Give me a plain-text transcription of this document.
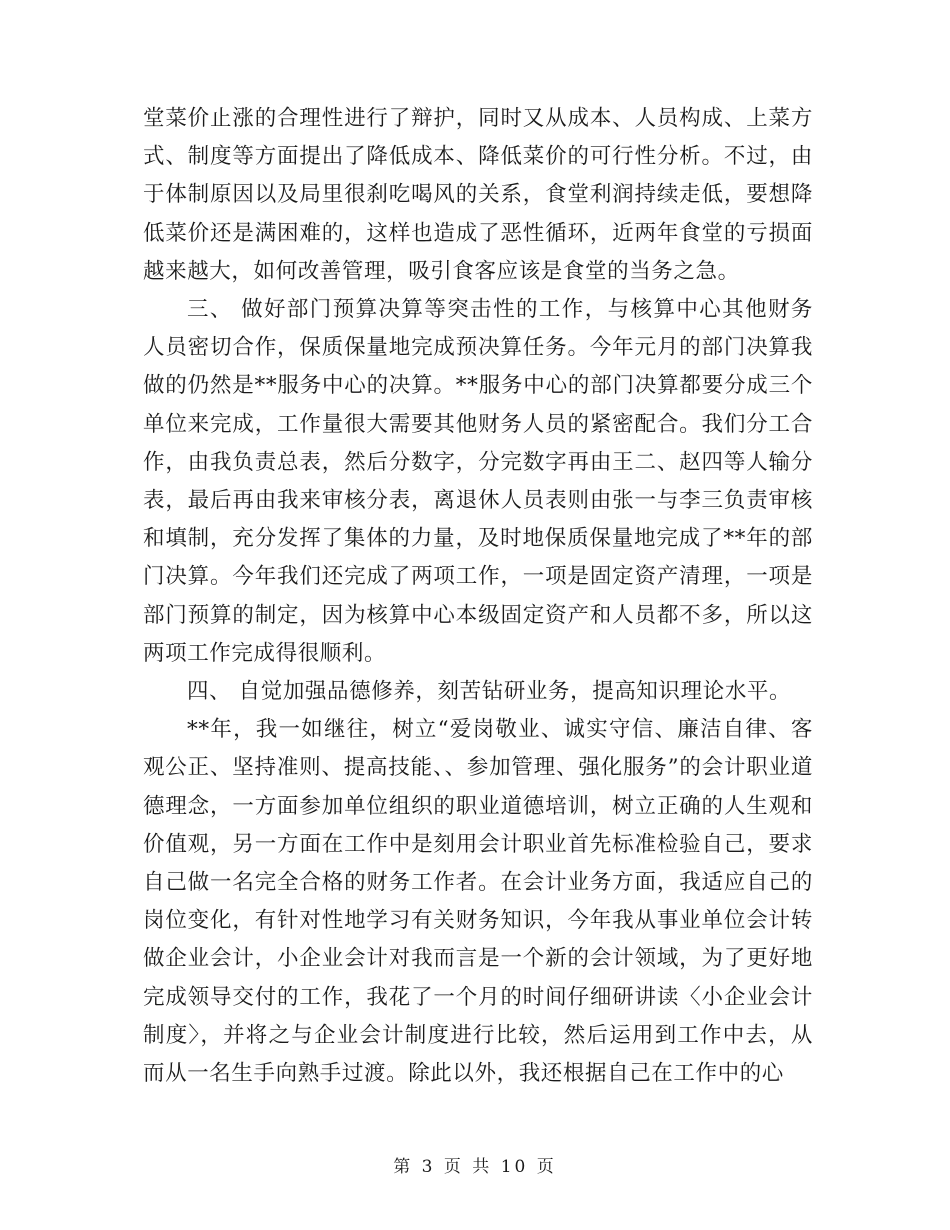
堂菜价止涨的合理性进行了辩护，同时又从成本、人员构成、上菜方式、制度等方面提出了降低成本、降低菜价的可行性分析。不过，由于体制原因以及局里很刹吃喝风的关系，食堂利润持续走低，要想降低菜价还是满困难的，这样也造成了恶性循环，近两年食堂的亏损面越来越大，如何改善管理，吸引食客应该是食堂的当务之急。

三、 做好部门预算决算等突击性的工作，与核算中心其他财务人员密切合作，保质保量地完成预决算任务。今年元月的部门决算我做的仍然是**服务中心的决算。**服务中心的部门决算都要分成三个单位来完成，工作量很大需要其他财务人员的紧密配合。我们分工合作，由我负责总表，然后分数字，分完数字再由王二、赵四等人输分表，最后再由我来审核分表，离退休人员表则由张一与李三负责审核和填制，充分发挥了集体的力量，及时地保质保量地完成了**年的部门决算。今年我们还完成了两项工作，一项是固定资产清理，一项是部门预算的制定，因为核算中心本级固定资产和人员都不多，所以这两项工作完成得很顺利。

四、 自觉加强品德修养，刻苦钻研业务，提高知识理论水平。

**年，我一如继往，树立“爱岗敬业、诚实守信、廉洁自律、客观公正、坚持准则、提高技能、、参加管理、强化服务”的会计职业道德理念，一方面参加单位组织的职业道德培训，树立正确的人生观和价值观，另一方面在工作中是刻用会计职业首先标准检验自己，要求自己做一名完全合格的财务工作者。在会计业务方面，我适应自己的岗位变化，有针对性地学习有关财务知识，今年我从事业单位会计转做企业会计，小企业会计对我而言是一个新的会计领域，为了更好地完成领导交付的工作，我花了一个月的时间仔细研讲读〈小企业会计制度〉，并将之与企业会计制度进行比较，然后运用到工作中去，从而从一名生手向熟手过渡。除此以外，我还根据自己在工作中的心

第 3 页 共 10 页
